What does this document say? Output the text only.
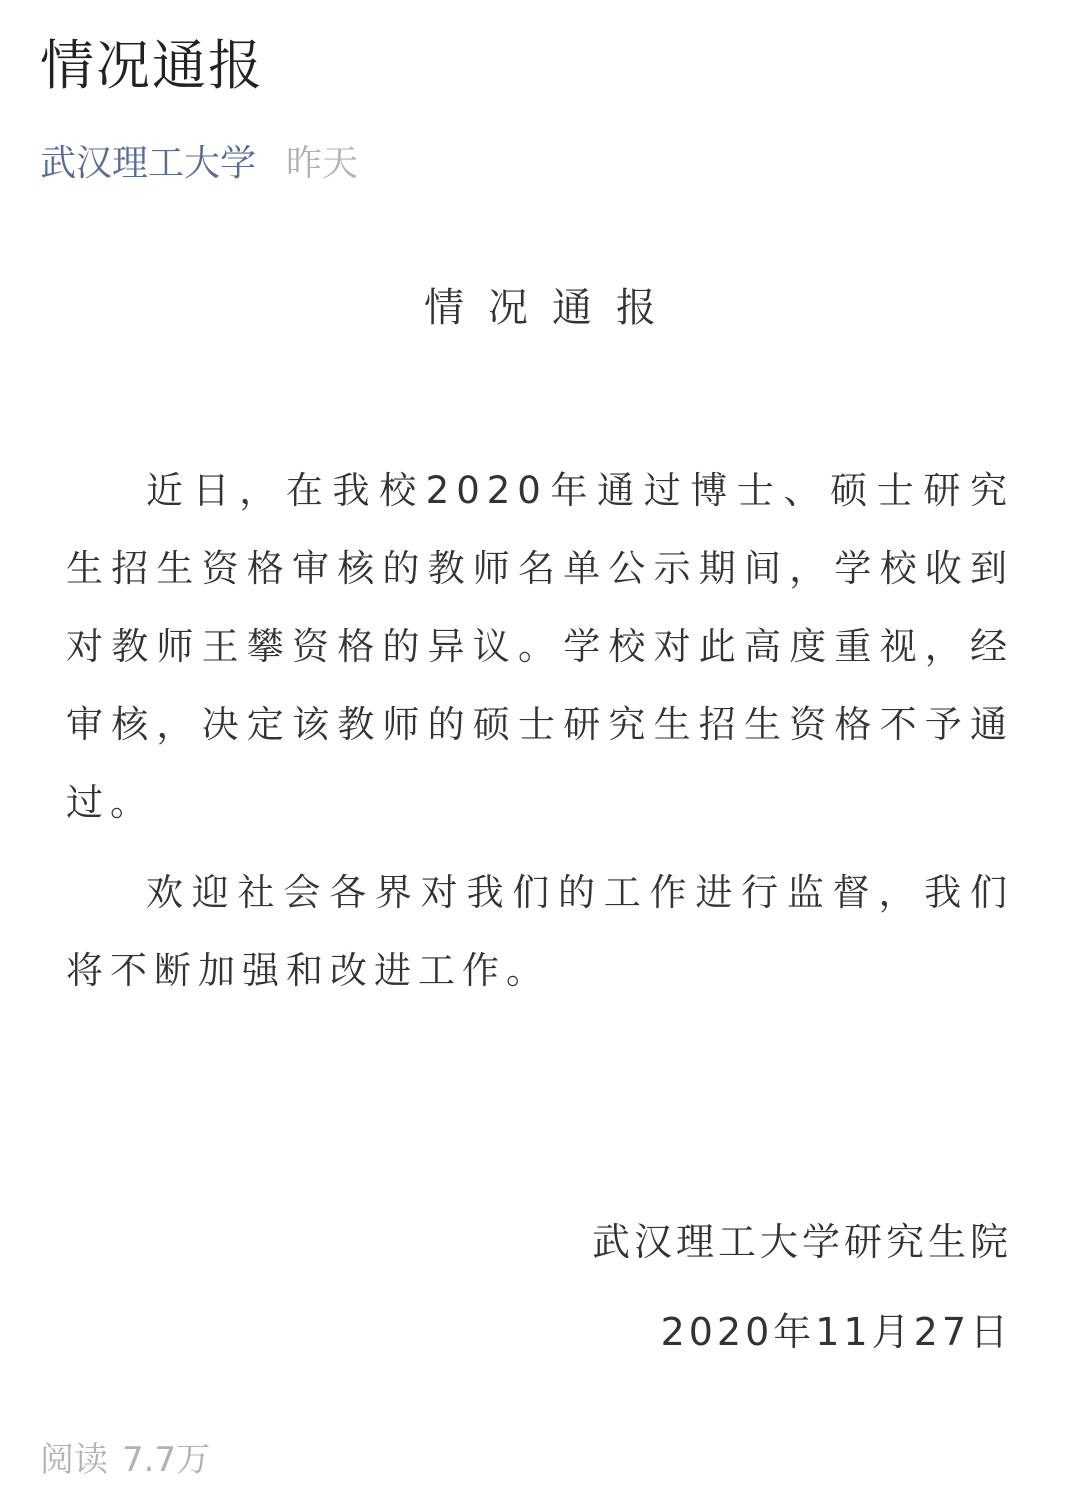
情况通报
武汉理工大学 昨天
情况通报

近日，在我校2020年通过博士、硕士研究生招生资格审核的教师名单公示期间，学校收到对教师王攀资格的异议。学校对此高度重视，经审核，决定该教师的硕士研究生招生资格不予通过。

欢迎社会各界对我们的工作进行监督，我们将不断加强和改进工作。

武汉理工大学研究生院
2020年11月27日
阅读 7.7万
